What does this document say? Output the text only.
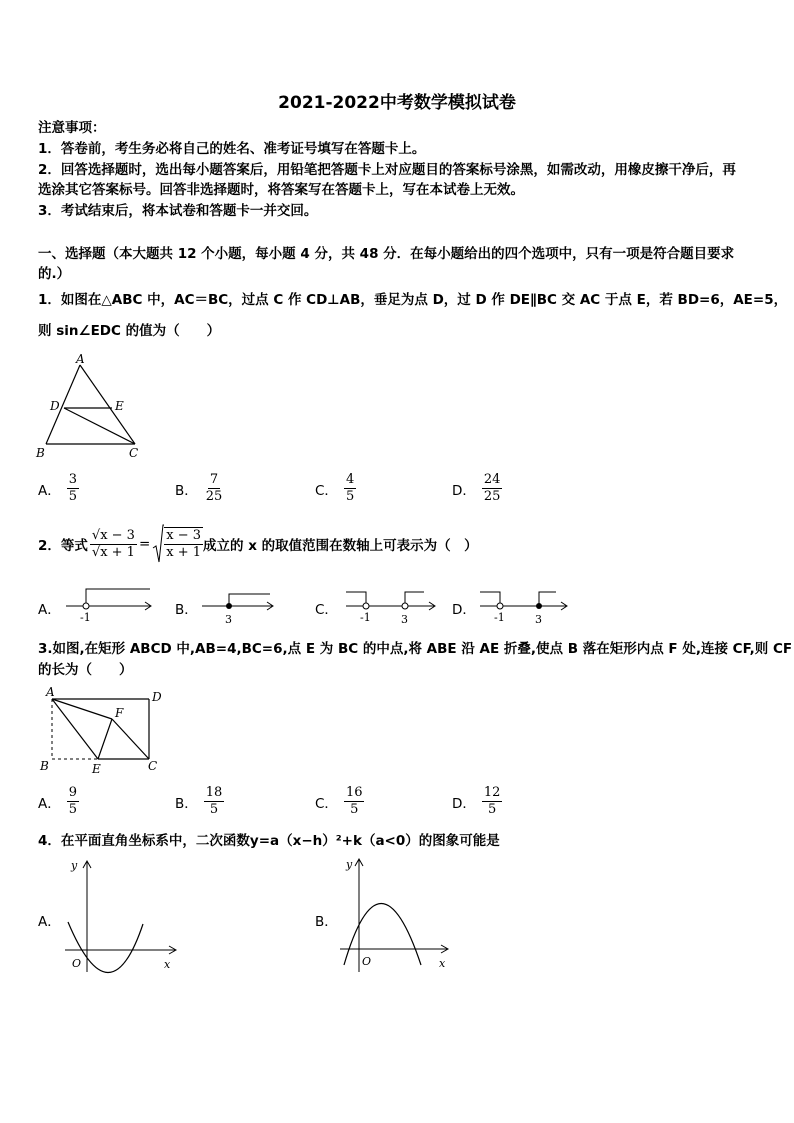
2021-2022中考数学模拟试卷
注意事项：
1．答卷前，考生务必将自己的姓名、准考证号填写在答题卡上。
2．回答选择题时，选出每小题答案后，用铅笔把答题卡上对应题目的答案标号涂黑，如需改动，用橡皮擦干净后，再
选涂其它答案标号。回答非选择题时，将答案写在答题卡上，写在本试卷上无效。
3．考试结束后，将本试卷和答题卡一并交回。
一、选择题（本大题共 12 个小题，每小题 4 分，共 48 分．在每小题给出的四个选项中，只有一项是符合题目要求
的.）
1．如图在△ABC 中，AC＝BC，过点 C 作 CD⊥AB，垂足为点 D，过 D 作 DE∥BC 交 AC 于点 E，若 BD=6，AE=5，
则 sin∠EDC 的值为（　　）
A
D	E
B	C
A． $\frac{3}{5}$	B． $\frac{7}{25}$	C． $\frac{4}{5}$	D． $\frac{24}{25}$
2．等式 $\frac{√x - 3}{√x + 1} = \frac{x - 3}{x + 1}$ 成立的 x 的取值范围在数轴上可表示为（　）
A． -1	B．
3
C． -1	3
D． -1	3
3.如图,在矩形 ABCD 中,AB=4,BC=6,点 E 为 BC 的中点,将 ABE 沿 AE 折叠,使点 B 落在矩形内点 F 处,连接 CF,则 CF
的长为（　　）
A	D
F
B	E	C
A． $\frac{9}{5}$	B． $\frac{18}{5}$	C． $\frac{16}{5}$	D． $\frac{12}{5}$
4．在平面直角坐标系中，二次函数y=a（x−h）²+k（a<0）的图象可能是
A．
y
x
O
B．
y
x
O
